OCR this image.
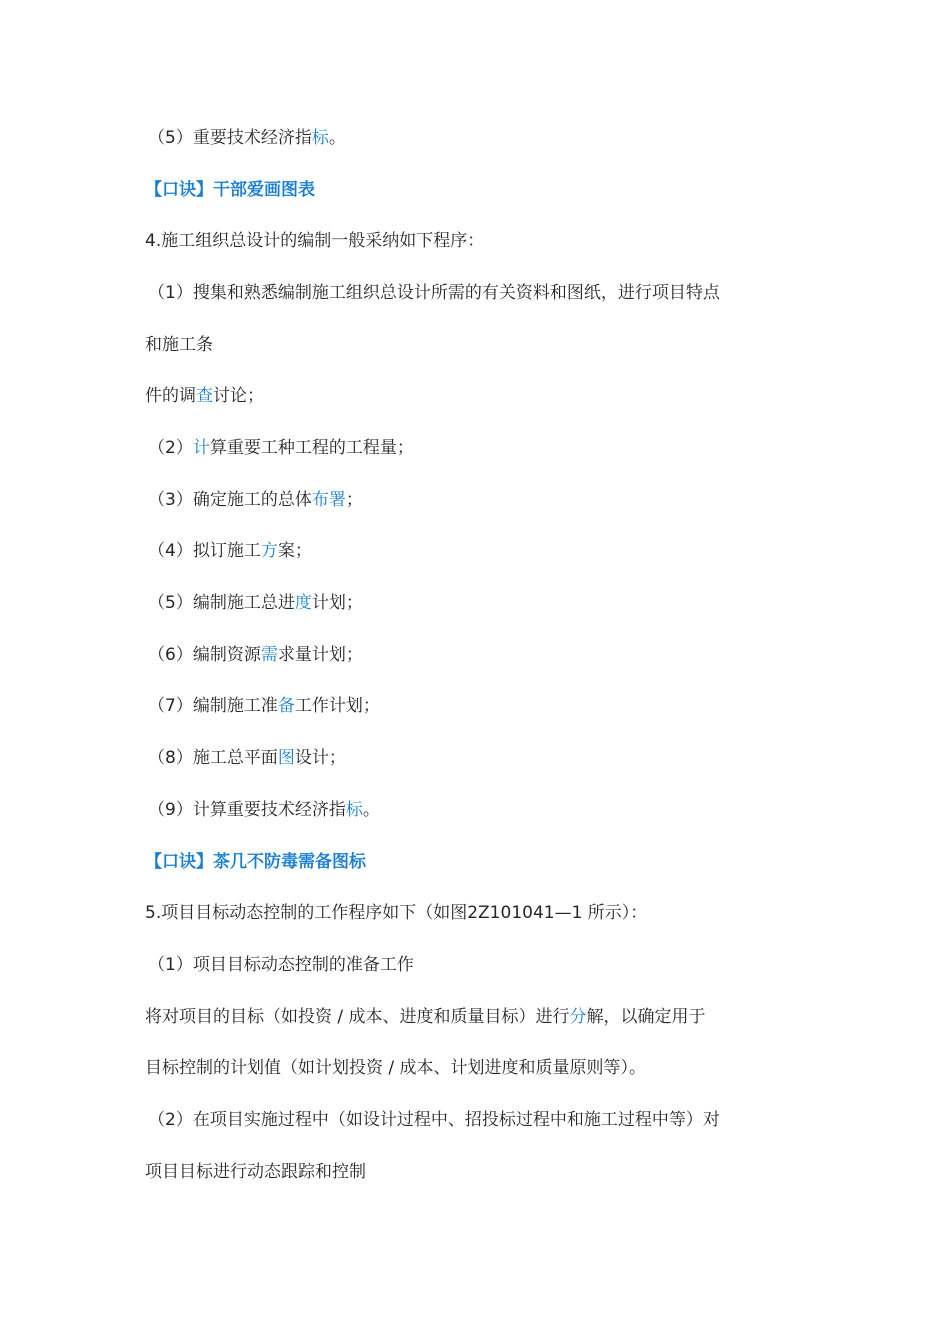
（5）重要技术经济指标。
【口诀】干部爱画图表
4.施工组织总设计的编制一般采纳如下程序：
（1）搜集和熟悉编制施工组织总设计所需的有关资料和图纸，进行项目特点
和施工条
件的调查讨论；
（2）计算重要工种工程的工程量；
（3）确定施工的总体布署；
（4）拟订施工方案；
（5）编制施工总进度计划；
（6）编制资源需求量计划；
（7）编制施工准备工作计划；
（8）施工总平面图设计；
（9）计算重要技术经济指标。
【口诀】茶几不防毒需备图标
5.项目目标动态控制的工作程序如下（如图2Z101041—1 所示）：
（1）项目目标动态控制的准备工作
将对项目的目标（如投资 / 成本、进度和质量目标）进行分解，以确定用于
目标控制的计划值（如计划投资 / 成本、计划进度和质量原则等）。
（2）在项目实施过程中（如设计过程中、招投标过程中和施工过程中等）对
项目目标进行动态跟踪和控制
